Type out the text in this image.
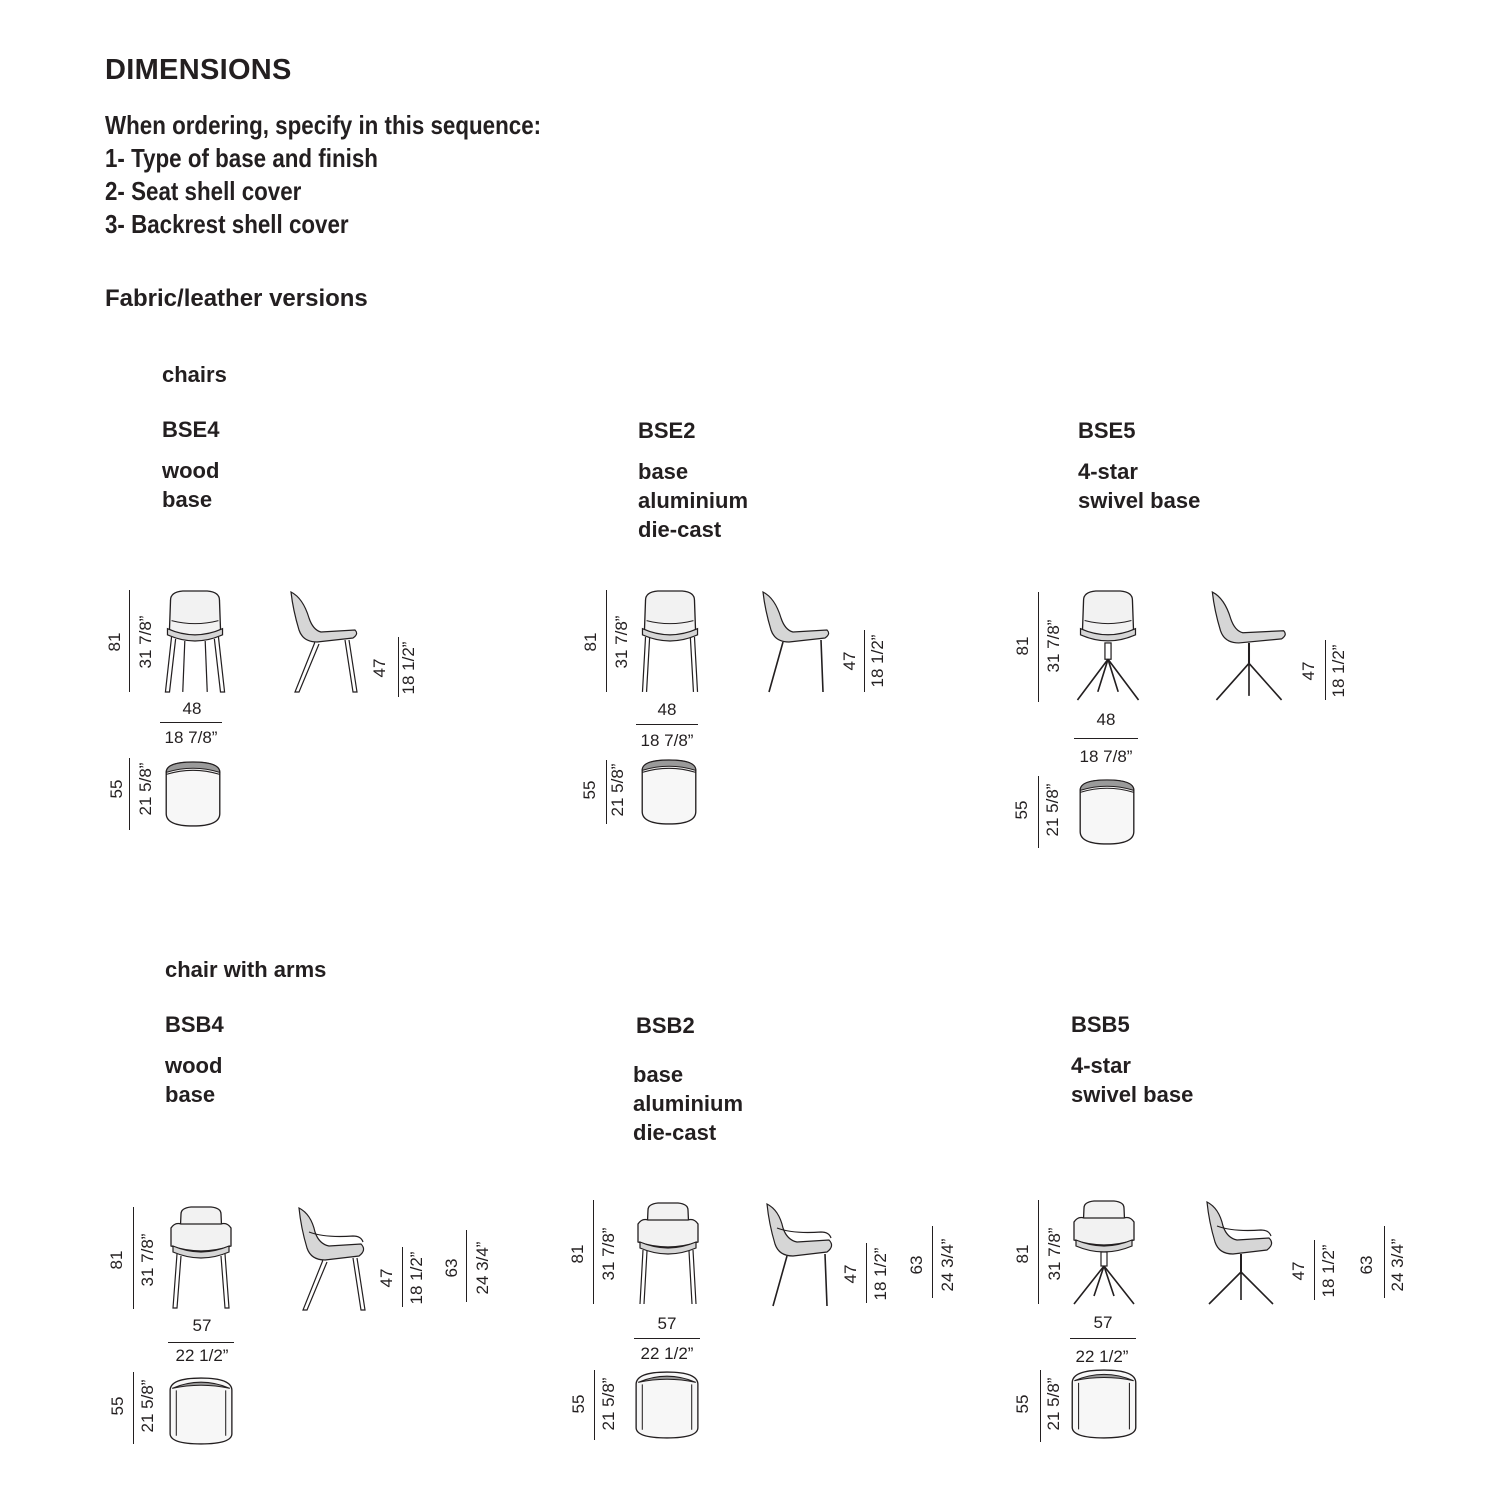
DIMENSIONS
When ordering, specify in this sequence:
1- Type of base and finish
2- Seat shell cover
3- Backrest shell cover
Fabric/leather versions
chairs
BSE4
wood
base
81 31 7/8”	47 18 1/2”
48
18 7/8”
55 21 5/8”
BSE2
base
aluminium
die-cast
81 31 7/8”	47 18 1/2”
48
18 7/8”
55 21 5/8”
BSE5
4-star
swivel base
81 31 7/8”	47 18 1/2”
48
18 7/8”
55 21 5/8”
chair with arms
BSB4
wood
base
81 31 7/8”	47 18 1/2” 63 24 3/4”
57
22 1/2”
55 21 5/8”
BSB2
base
aluminium
die-cast
81 31 7/8”	47 18 1/2” 63 24 3/4”
57
22 1/2”
55 21 5/8”
BSB5
4-star
swivel base
81 31 7/8”	47 18 1/2” 63 24 3/4”
57
22 1/2”
55 21 5/8”
